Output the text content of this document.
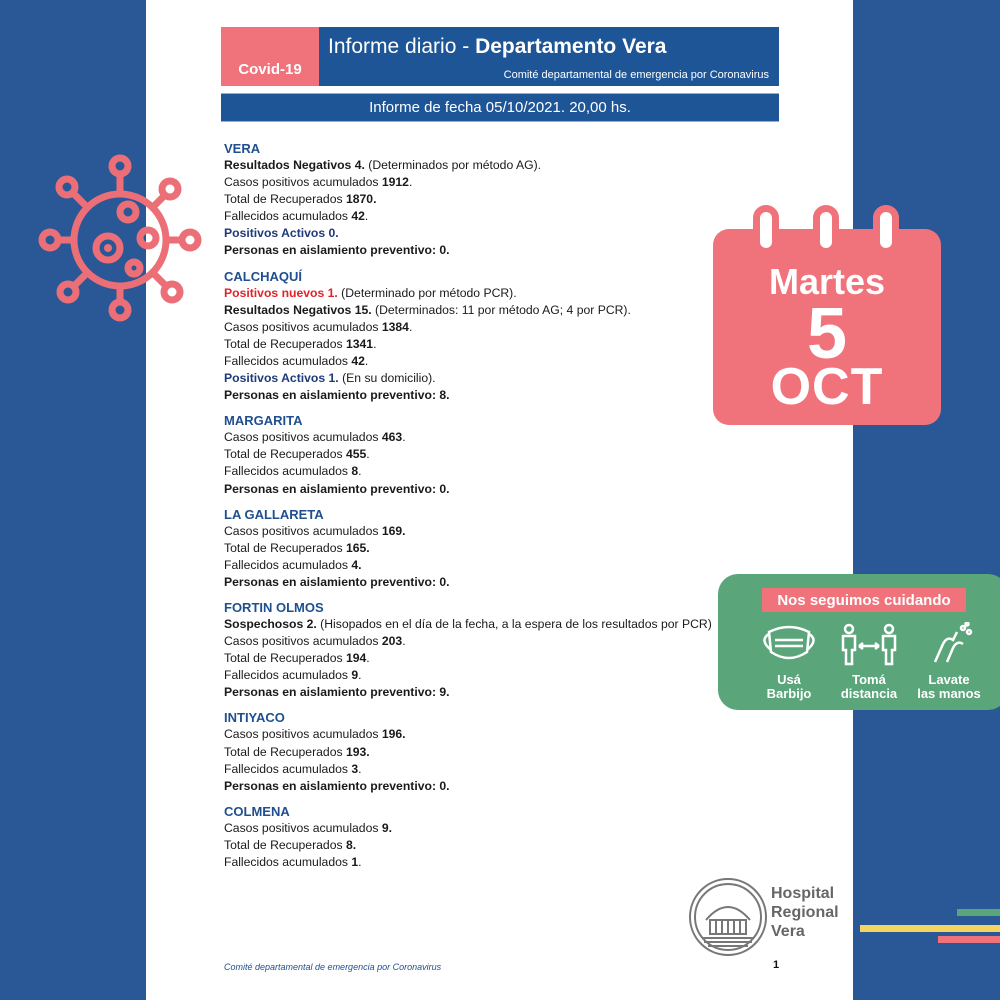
Covid-19
Informe diario - Departamento Vera
Comité departamental de emergencia por Coronavirus
Informe de fecha 05/10/2021. 20,00 hs.
VERA
Resultados Negativos 4. (Determinados por método AG).
Casos positivos acumulados 1912.
Total de Recuperados 1870.
Fallecidos acumulados 42.
Positivos Activos 0.
Personas en aislamiento preventivo: 0.
CALCHAQUÍ
Positivos nuevos 1. (Determinado por método PCR).
Resultados Negativos 15. (Determinados: 11 por método AG; 4 por PCR).
Casos positivos acumulados 1384.
Total de Recuperados 1341.
Fallecidos acumulados 42.
Positivos Activos 1. (En su domicilio).
Personas en aislamiento preventivo: 8.
MARGARITA
Casos positivos acumulados 463.
Total de Recuperados 455.
Fallecidos acumulados 8.
Personas en aislamiento preventivo: 0.
LA GALLARETA
Casos positivos acumulados 169.
Total de Recuperados 165.
Fallecidos acumulados 4.
Personas en aislamiento preventivo: 0.
FORTIN OLMOS
Sospechosos 2. (Hisopados en el día de la fecha, a la espera de los resultados por PCR)
Casos positivos acumulados 203.
Total de Recuperados 194.
Fallecidos acumulados 9.
Personas en aislamiento preventivo: 9.
INTIYACO
Casos positivos acumulados 196.
Total de Recuperados 193.
Fallecidos acumulados 3.
Personas en aislamiento preventivo: 0.
COLMENA
Casos positivos acumulados 9.
Total de Recuperados 8.
Fallecidos acumulados 1.
Martes
5
OCT
Nos seguimos cuidando
Usá
Barbijo
Tomá
distancia
Lavate
las manos
Hospital
Regional
Vera
Comité departamental de emergencia por Coronavirus	1
